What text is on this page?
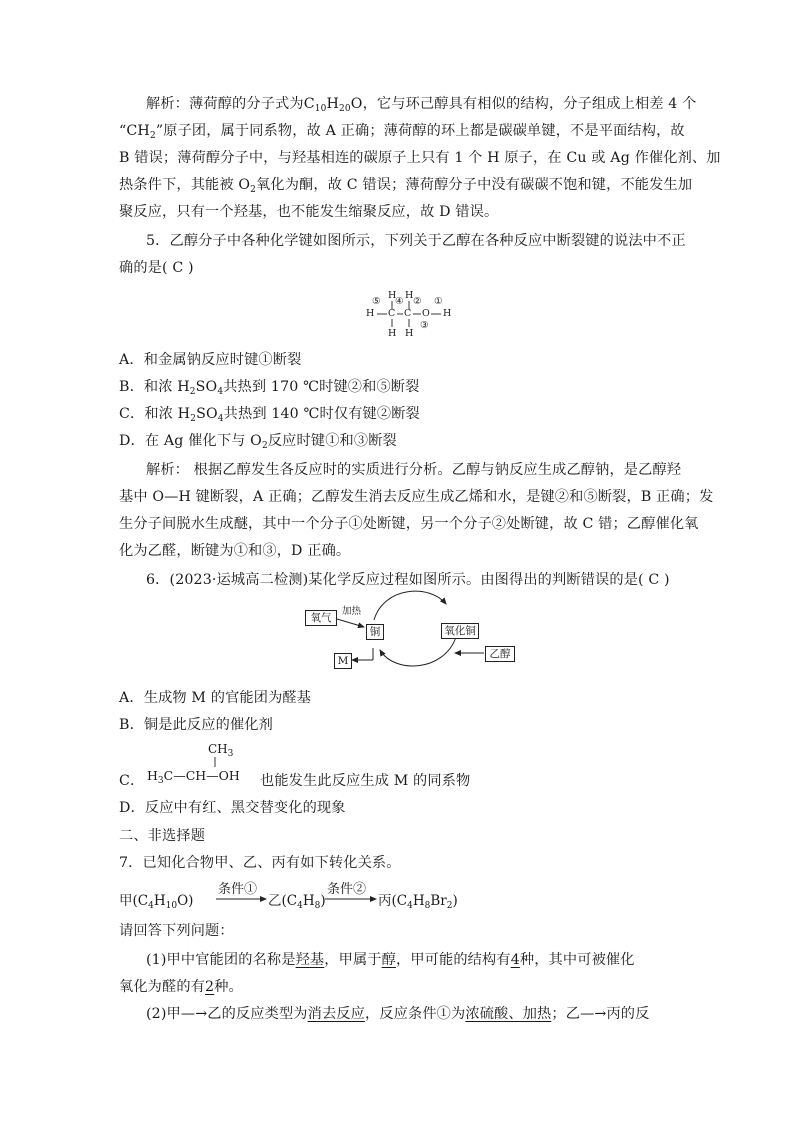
解析：薄荷醇的分子式为$C_{10}H_{20}O$，它与环己醇具有相似的结构，分子组成上相差 4 个
“$CH_2$”原子团，属于同系物，故 A 正确；薄荷醇的环上都是碳碳单键，不是平面结构，故
B 错误；薄荷醇分子中，与羟基相连的碳原子上只有 1 个 H 原子，在 Cu 或 Ag 作催化剂、加
热条件下，其能被 $O_2$氧化为酮，故 C 错误；薄荷醇分子中没有碳碳不饱和键，不能发生加
聚反应，只有一个羟基，也不能发生缩聚反应，故 D 错误。
5．乙醇分子中各种化学键如图所示，下列关于乙醇在各种反应中断裂键的说法中不正
确的是( C )
H C C O H
H H
H H
⑤ ④ ② ①
③
A．和金属钠反应时键①断裂
B．和浓 $H_2SO_4$共热到 170 ℃时键②和⑤断裂
C．和浓 $H_2SO_4$共热到 140 ℃时仅有键②断裂
D．在 Ag 催化下与 $O_2$反应时键①和③断裂
解析： 根据乙醇发生各反应时的实质进行分析。乙醇与钠反应生成乙醇钠，是乙醇羟
基中 O—H 键断裂，A 正确；乙醇发生消去反应生成乙烯和水，是键②和⑤断裂，B 正确；发
生分子间脱水生成醚，其中一个分子①处断键，另一个分子②处断键，故 C 错；乙醇催化氧
化为乙醛，断键为①和③，D 正确。
6．(2023·运城高二检测)某化学反应过程如图所示。由图得出的判断错误的是( C )
氧气
加热
铜	氧化铜
乙醇
M
A．生成物 M 的官能团为醛基
B．铜是此反应的催化剂
C．
$CH_3$
$H_3C—CH—OH$ 也能发生此反应生成 M 的同系物
D．反应中有红、黑交替变化的现象
二、非选择题
7．已知化合物甲、乙、丙有如下转化关系。
甲$(C_4H_{10}O)$
条件①
乙$(C_4H_8)$
条件②
丙$(C_4H_8Br_2)$
请回答下列问题：
(1)甲中官能团的名称是羟基，甲属于醇，甲可能的结构有4种，其中可被催化
氧化为醛的有2种。
(2)甲—→乙的反应类型为消去反应，反应条件①为浓硫酸、加热；乙—→丙的反
